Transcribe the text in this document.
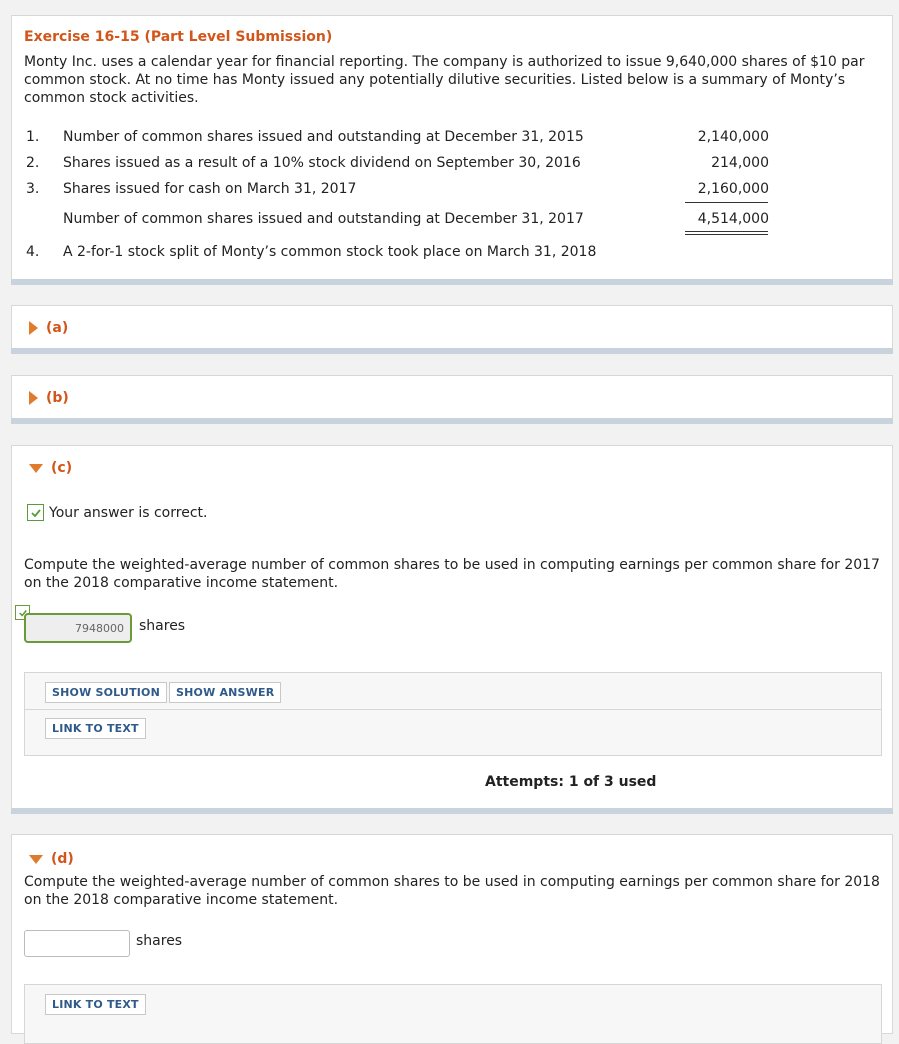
Exercise 16-15 (Part Level Submission)
Monty Inc. uses a calendar year for financial reporting. The company is authorized to issue 9,640,000 shares of $10 par common stock. At no time has Monty issued any potentially dilutive securities. Listed below is a summary of Monty’s common stock activities.
1. Number of common shares issued and outstanding at December 31, 2015	2,140,000
2. Shares issued as a result of a 10% stock dividend on September 30, 2016	214,000
3. Shares issued for cash on March 31, 2017	2,160,000
Number of common shares issued and outstanding at December 31, 2017	4,514,000
4. A 2-for-1 stock split of Monty’s common stock took place on March 31, 2018
(a)
(b)
(c)
Your answer is correct.
Compute the weighted-average number of common shares to be used in computing earnings per common share for 2017 on the 2018 comparative income statement.
7948000 shares
SHOW SOLUTION	SHOW ANSWER
LINK TO TEXT
Attempts: 1 of 3 used
(d)
Compute the weighted-average number of common shares to be used in computing earnings per common share for 2018 on the 2018 comparative income statement.
shares
LINK TO TEXT
